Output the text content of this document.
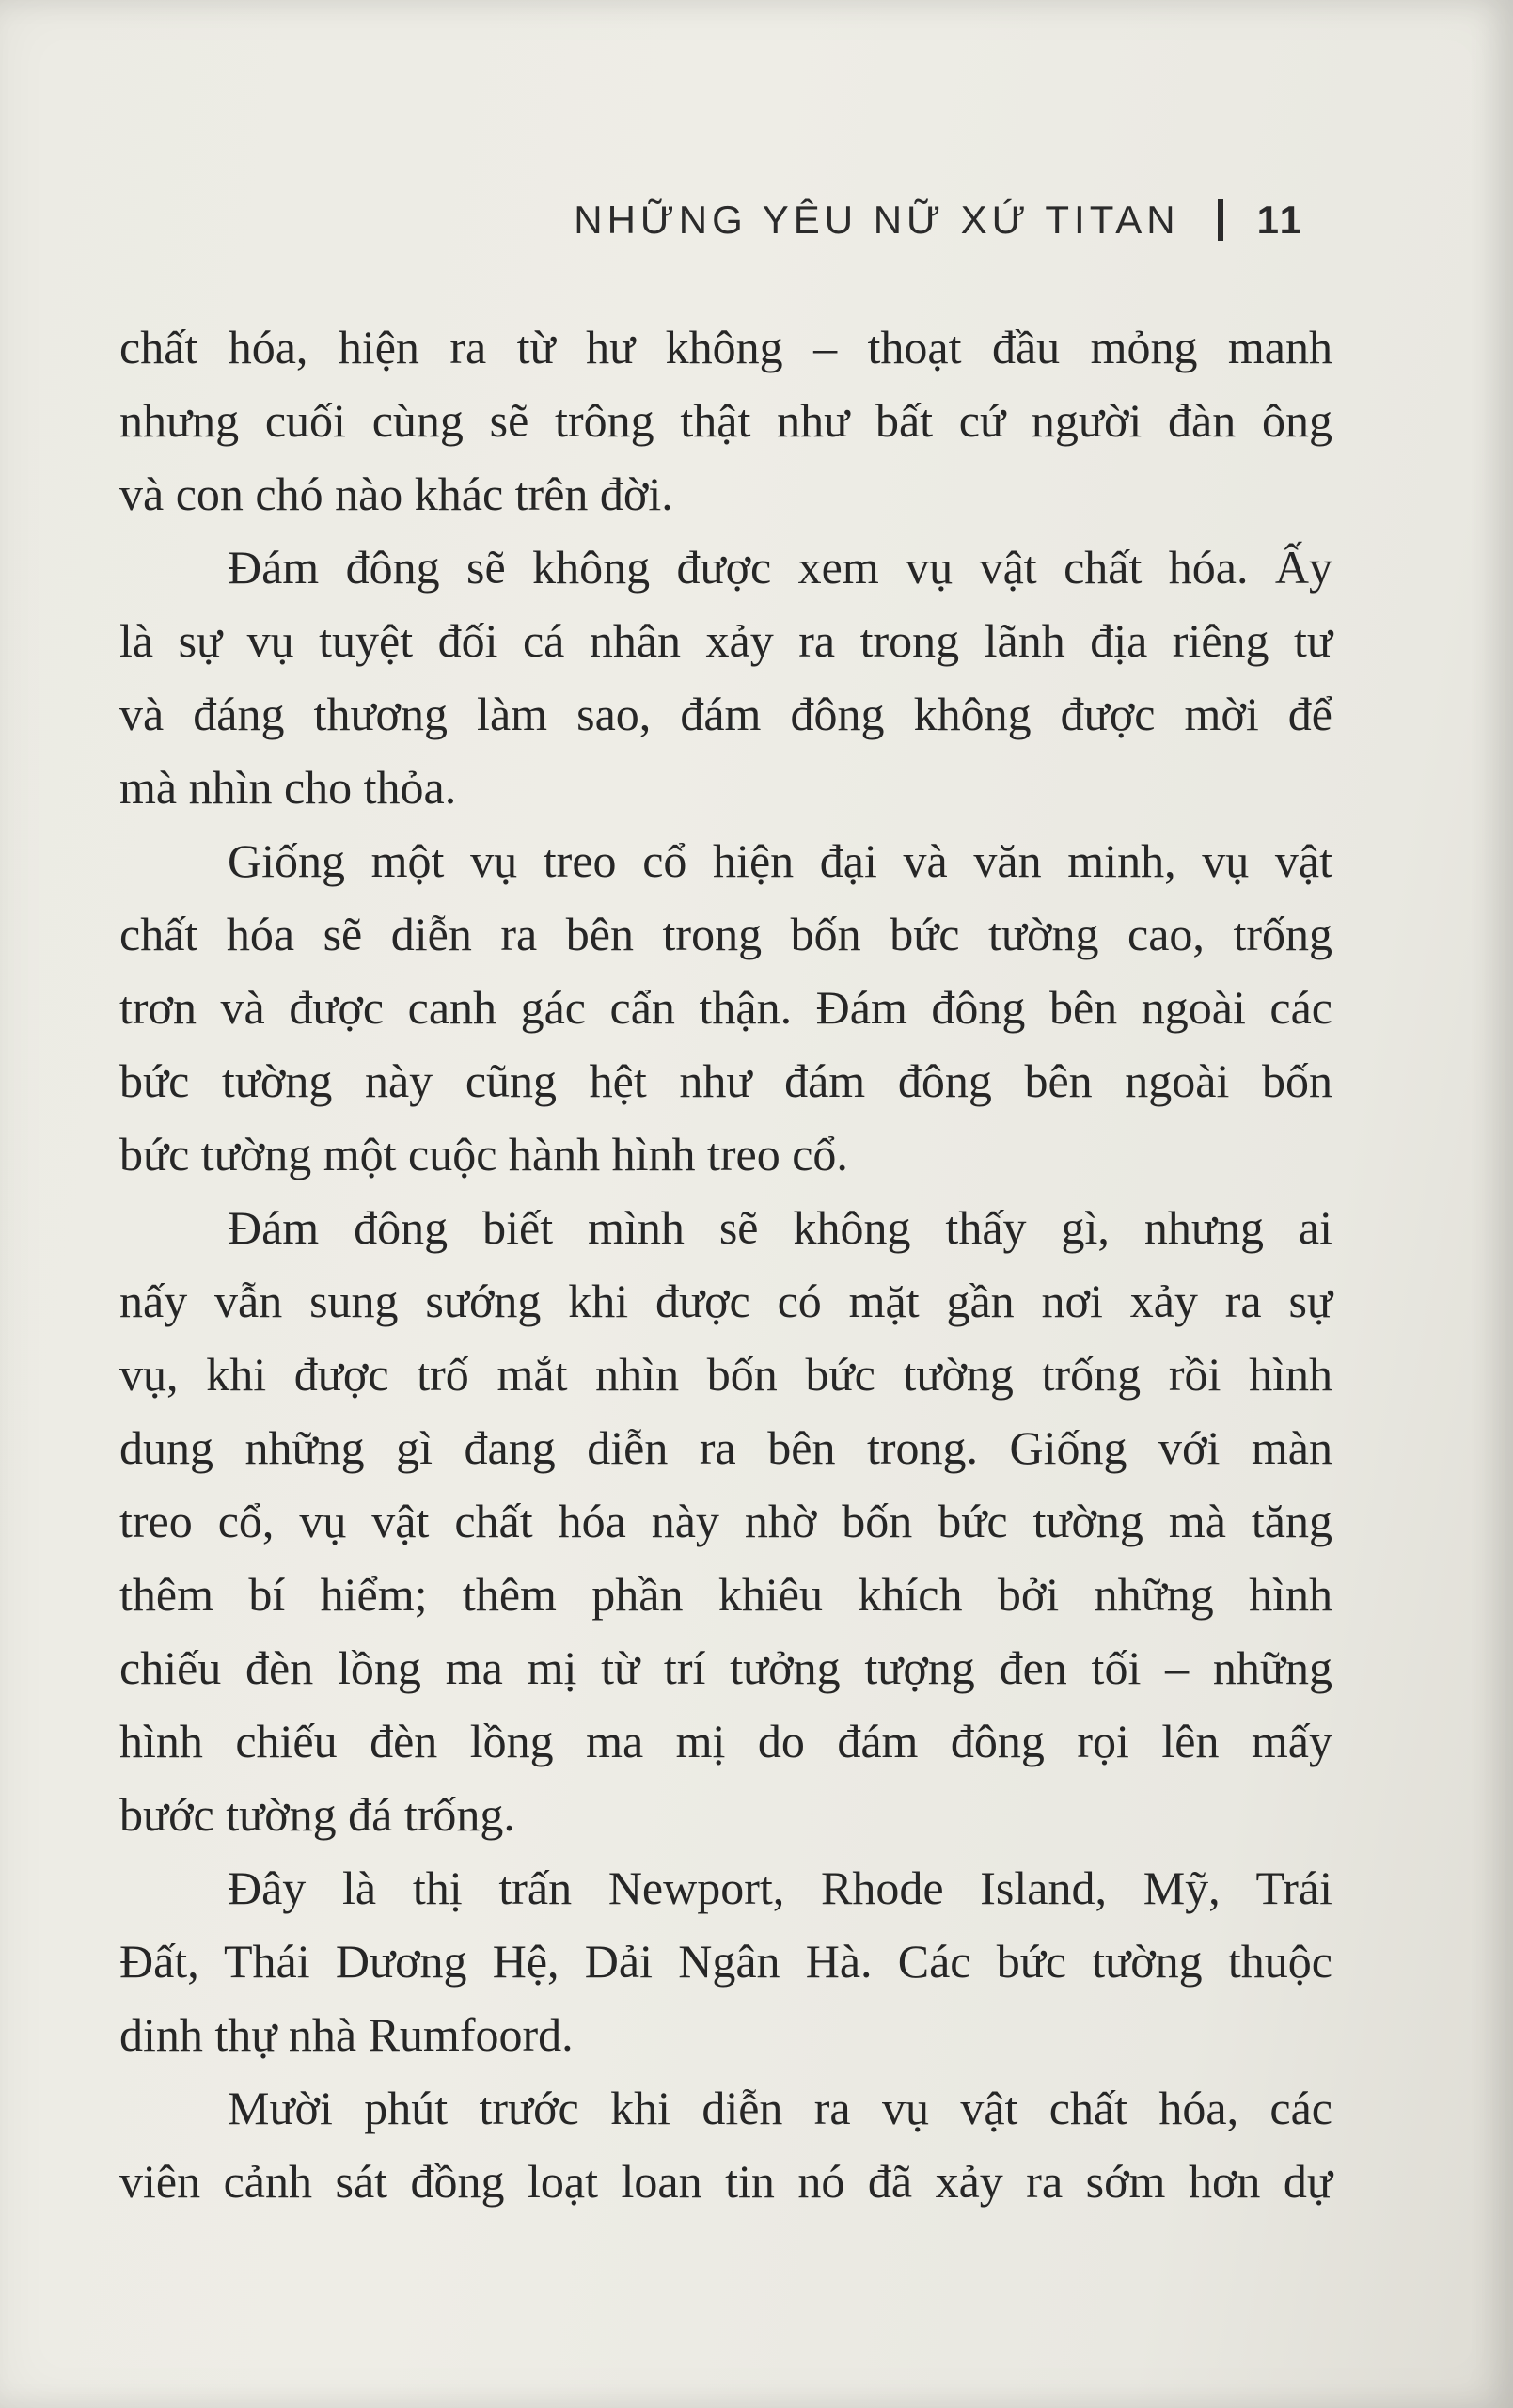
NHỮNG YÊU NỮ XỨ TITAN 11

chất hóa, hiện ra từ hư không – thoạt đầu mỏng manh

nhưng cuối cùng sẽ trông thật như bất cứ người đàn ông

và con chó nào khác trên đời.

Đám đông sẽ không được xem vụ vật chất hóa. Ấy

là sự vụ tuyệt đối cá nhân xảy ra trong lãnh địa riêng tư

và đáng thương làm sao, đám đông không được mời để

mà nhìn cho thỏa.

Giống một vụ treo cổ hiện đại và văn minh, vụ vật

chất hóa sẽ diễn ra bên trong bốn bức tường cao, trống

trơn và được canh gác cẩn thận. Đám đông bên ngoài các

bức tường này cũng hệt như đám đông bên ngoài bốn

bức tường một cuộc hành hình treo cổ.

Đám đông biết mình sẽ không thấy gì, nhưng ai

nấy vẫn sung sướng khi được có mặt gần nơi xảy ra sự

vụ, khi được trố mắt nhìn bốn bức tường trống rồi hình

dung những gì đang diễn ra bên trong. Giống với màn

treo cổ, vụ vật chất hóa này nhờ bốn bức tường mà tăng

thêm bí hiểm; thêm phần khiêu khích bởi những hình

chiếu đèn lồng ma mị từ trí tưởng tượng đen tối – những

hình chiếu đèn lồng ma mị do đám đông rọi lên mấy

bước tường đá trống.

Đây là thị trấn Newport, Rhode Island, Mỹ, Trái

Đất, Thái Dương Hệ, Dải Ngân Hà. Các bức tường thuộc

dinh thự nhà Rumfoord.

Mười phút trước khi diễn ra vụ vật chất hóa, các

viên cảnh sát đồng loạt loan tin nó đã xảy ra sớm hơn dự
